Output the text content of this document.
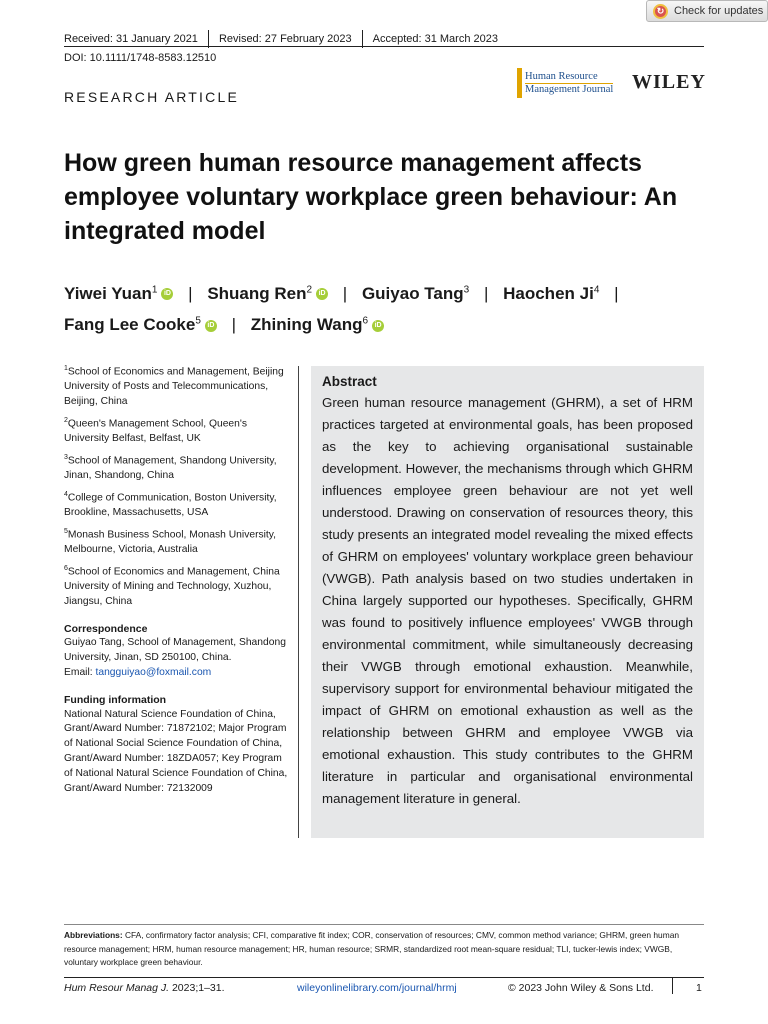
↻ Check for updates
Received: 31 January 2021 Revised: 27 February 2023 Accepted: 31 March 2023
DOI: 10.1111/1748-8583.12510
RESEARCH ARTICLE
Human Resource
Management Journal WILEY
How green human resource management affects employee voluntary workplace green behaviour: An integrated model
Yiwei Yuan$^1$ iD | Shuang Ren$^2$ iD | Guiyao Tang$^3$ | Haochen Ji$^4$ |
Fang Lee Cooke$^5$ iD | Zhining Wang$^6$ iD
$^1$School of Economics and Management, Beijing University of Posts and Telecommunications, Beijing, China
$^2$Queen's Management School, Queen's University Belfast, Belfast, UK
$^3$School of Management, Shandong University, Jinan, Shandong, China
$^4$College of Communication, Boston University, Brookline, Massachusetts, USA
$^5$Monash Business School, Monash University, Melbourne, Victoria, Australia
$^6$School of Economics and Management, China University of Mining and Technology, Xuzhou, Jiangsu, China
Correspondence
Guiyao Tang, School of Management, Shandong University, Jinan, SD 250100, China.
Email: tangguiyao@foxmail.com
Funding information
National Natural Science Foundation of China, Grant/Award Number: 71872102; Major Program of National Social Science Foundation of China, Grant/Award Number: 18ZDA057; Key Program of National Natural Science Foundation of China, Grant/Award Number: 72132009
Abstract

Green human resource management (GHRM), a set of HRM practices targeted at environmental goals, has been proposed as the key to achieving organisational sustainable development. However, the mechanisms through which GHRM influences employee green behaviour are not yet well understood. Drawing on conservation of resources theory, this study presents an integrated model revealing the mixed effects of GHRM on employees' voluntary workplace green behaviour (VWGB). Path analysis based on two studies undertaken in China largely supported our hypotheses. Specifically, GHRM was found to positively influence employees' VWGB through environmental commitment, while simultaneously decreasing their VWGB through emotional exhaustion. Meanwhile, supervisory support for environmental behaviour mitigated the impact of GHRM on emotional exhaustion as well as the relationship between GHRM and employee VWGB via emotional exhaustion. This study contributes to the GHRM literature in particular and organisational environmental management literature in general.

Abbreviations: CFA, confirmatory factor analysis; CFI, comparative fit index; COR, conservation of resources; CMV, common method variance; GHRM, green human resource management; HRM, human resource management; HR, human resource; SRMR, standardized root mean-square residual; TLI, tucker-lewis index; VWGB, voluntary workplace green behaviour.
Hum Resour Manag J. 2023;1–31.	wileyonlinelibrary.com/journal/hrmj	© 2023 John Wiley & Sons Ltd.	1
